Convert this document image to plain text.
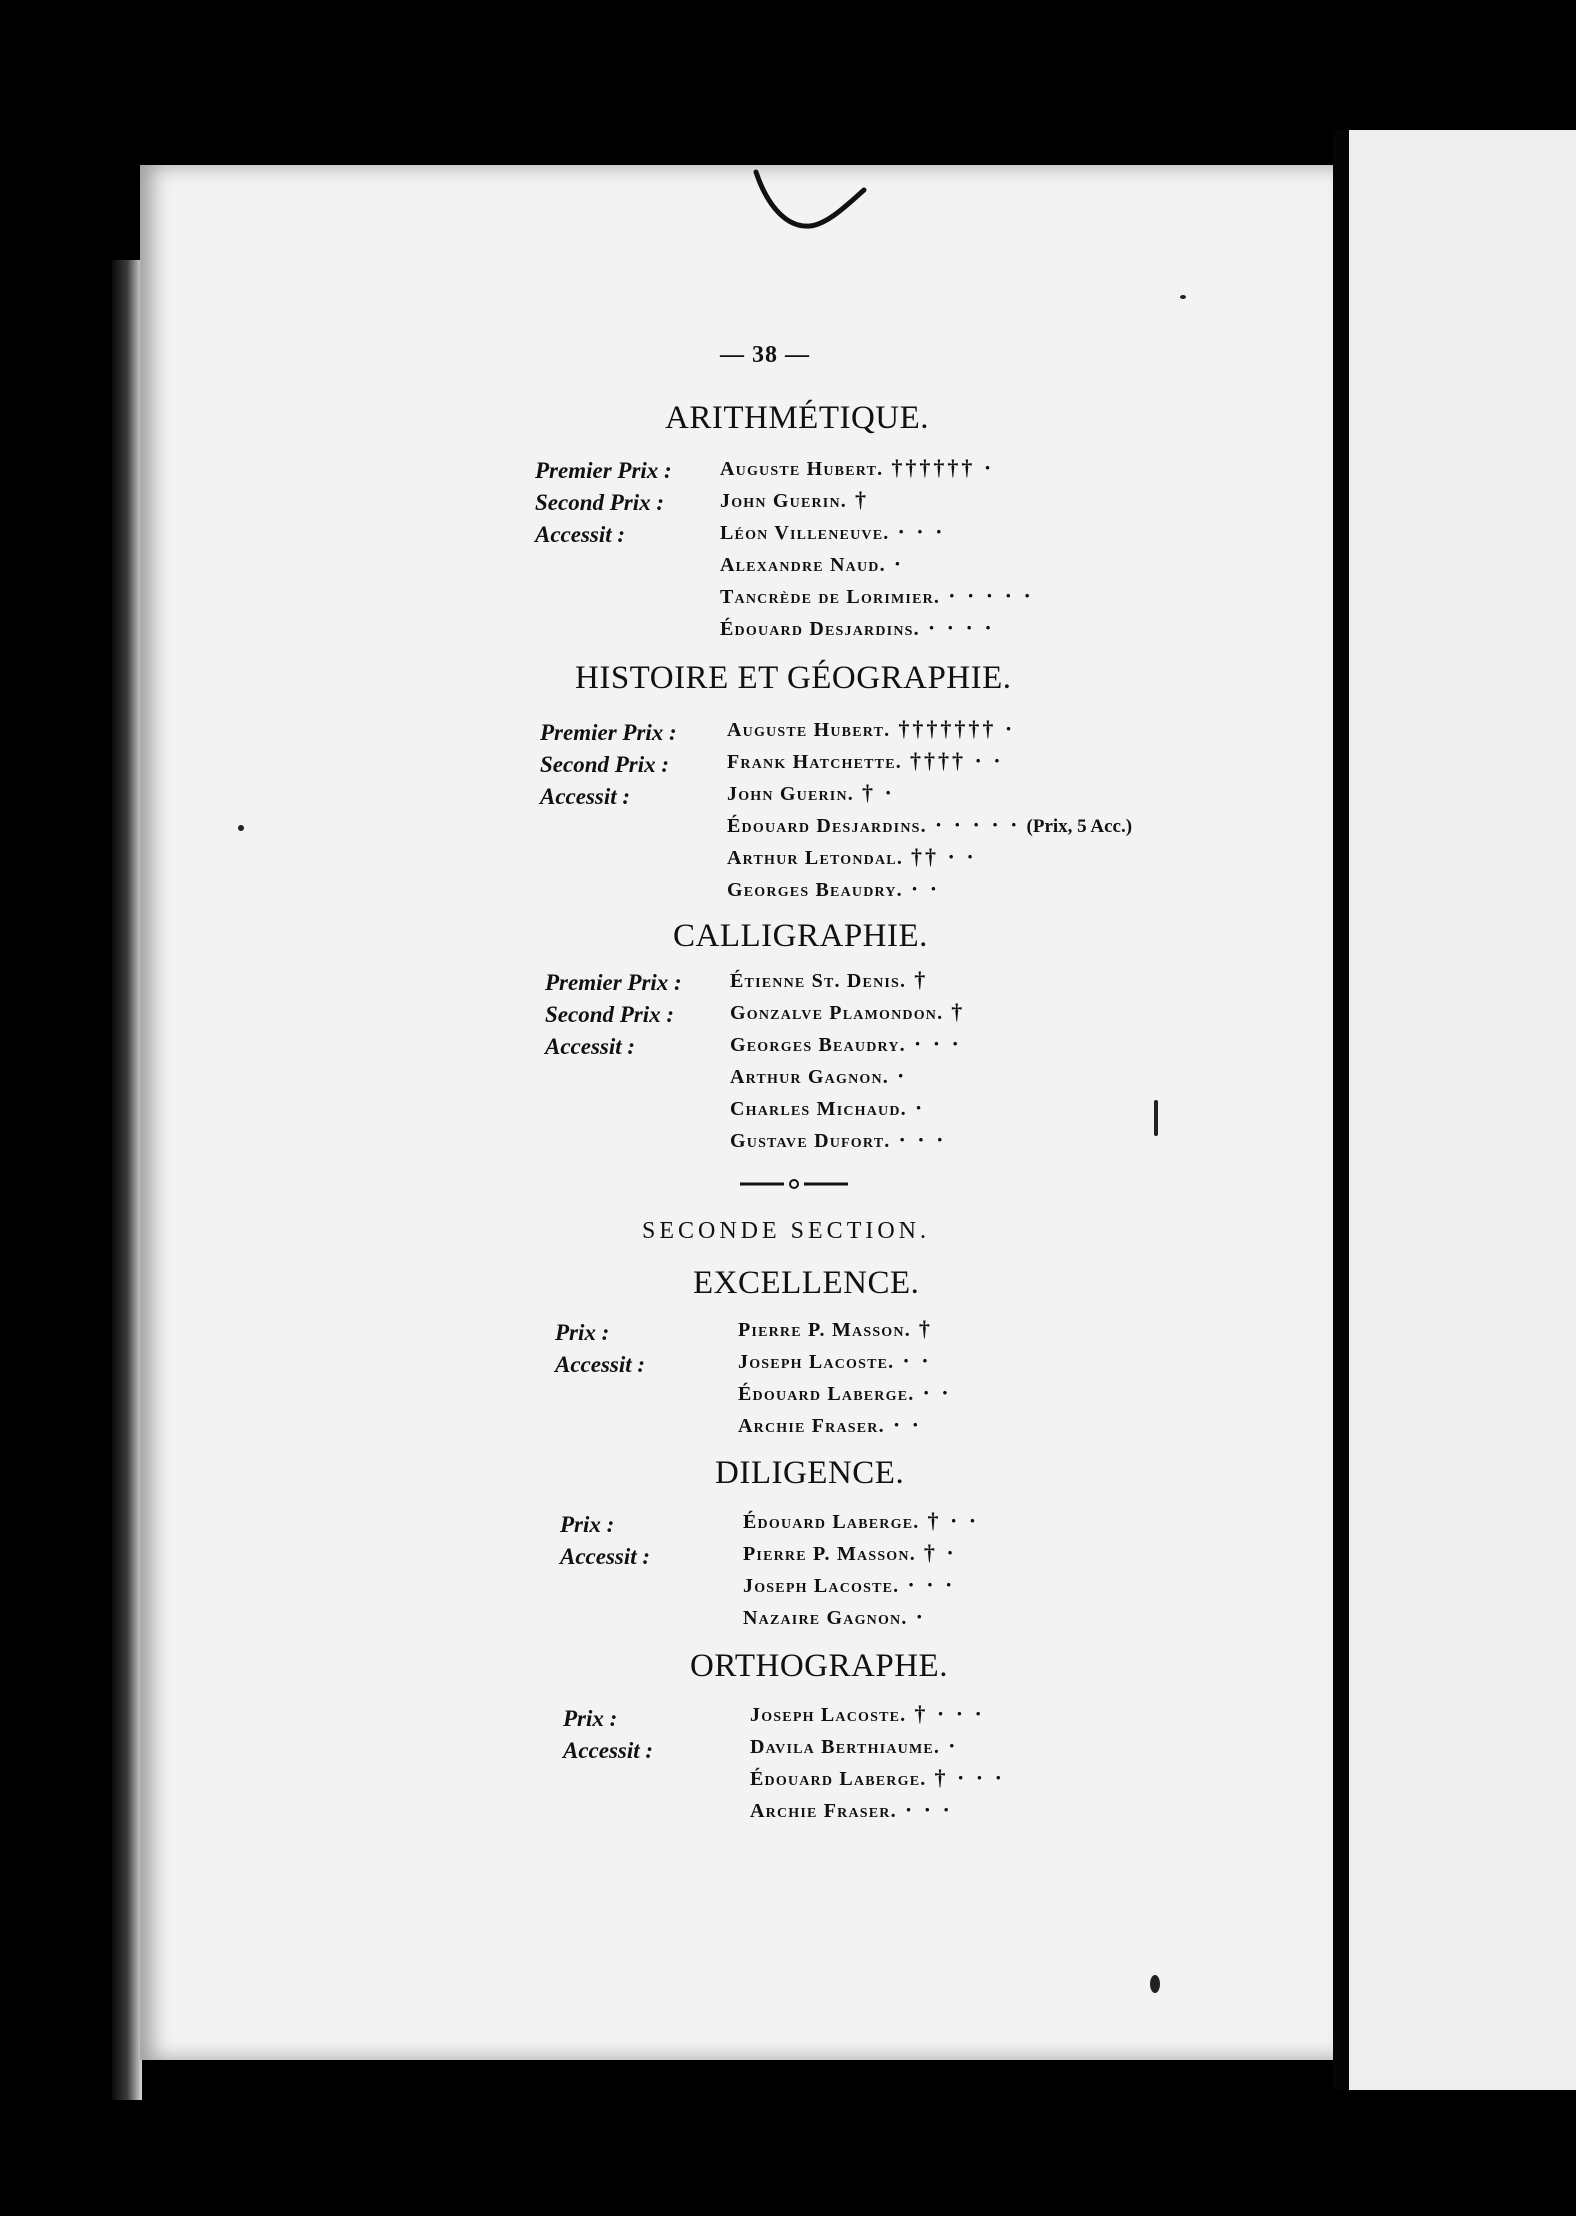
— 38 —
ARITHMÉTIQUE.
Premier Prix : Auguste Hubert. †††††† ·
Second Prix :	John Guerin. †
Accessit :	Léon Villeneuve. · · ·
Alexandre Naud. ·
Tancrède de Lorimier. · · · · ·
Édouard Desjardins. · · · ·
HISTOIRE ET GÉOGRAPHIE.
Premier Prix :	Auguste Hubert. ††††††† ·
Second Prix :	Frank Hatchette. †††† · ·
Accessit :	John Guerin. † ·
Édouard Desjardins. · · · · · (Prix, 5 Acc.)
Arthur Letondal. †† · ·
Georges Beaudry. · ·
CALLIGRAPHIE.
Premier Prix : Étienne St. Denis. †
Second Prix :	Gonzalve Plamondon. †
Accessit :	Georges Beaudry. · · ·
Arthur Gagnon. ·
Charles Michaud. ·
Gustave Dufort. · · ·
SECONDE SECTION.
EXCELLENCE.
Prix :	Pierre P. Masson. †
Accessit :	Joseph Lacoste. · ·
Édouard Laberge. · ·
Archie Fraser. · ·
DILIGENCE.
Prix :	Édouard Laberge. † · ·
Accessit :	Pierre P. Masson. † ·
Joseph Lacoste. · · ·
Nazaire Gagnon. ·
ORTHOGRAPHE.
Prix :	Joseph Lacoste. † · · ·
Accessit :	Davila Berthiaume. ·
Édouard Laberge. † · · ·
Archie Fraser. · · ·
